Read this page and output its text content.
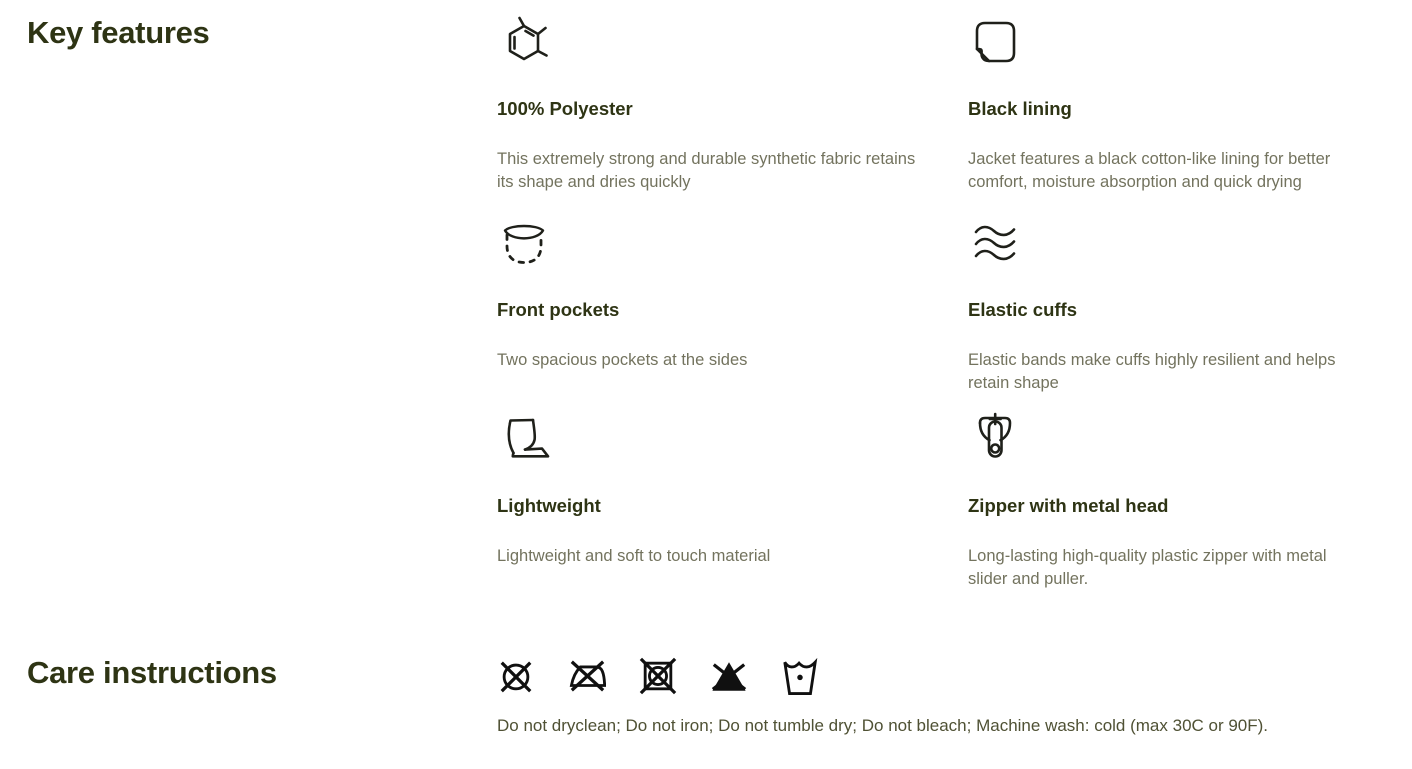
Key features
100% Polyester

This extremely strong and durable synthetic fabric retains its shape and dries quickly

Black lining

Jacket features a black cotton-like lining for better comfort, moisture absorption and quick drying

Front pockets

Two spacious pockets at the sides

Elastic cuffs

Elastic bands make cuffs highly resilient and helps retain shape

Lightweight

Lightweight and soft to touch material

Zipper with metal head

Long-lasting high-quality plastic zipper with metal slider and puller.

Care instructions

Do not dryclean; Do not iron; Do not tumble dry; Do not bleach; Machine wash: cold (max 30C or 90F).
